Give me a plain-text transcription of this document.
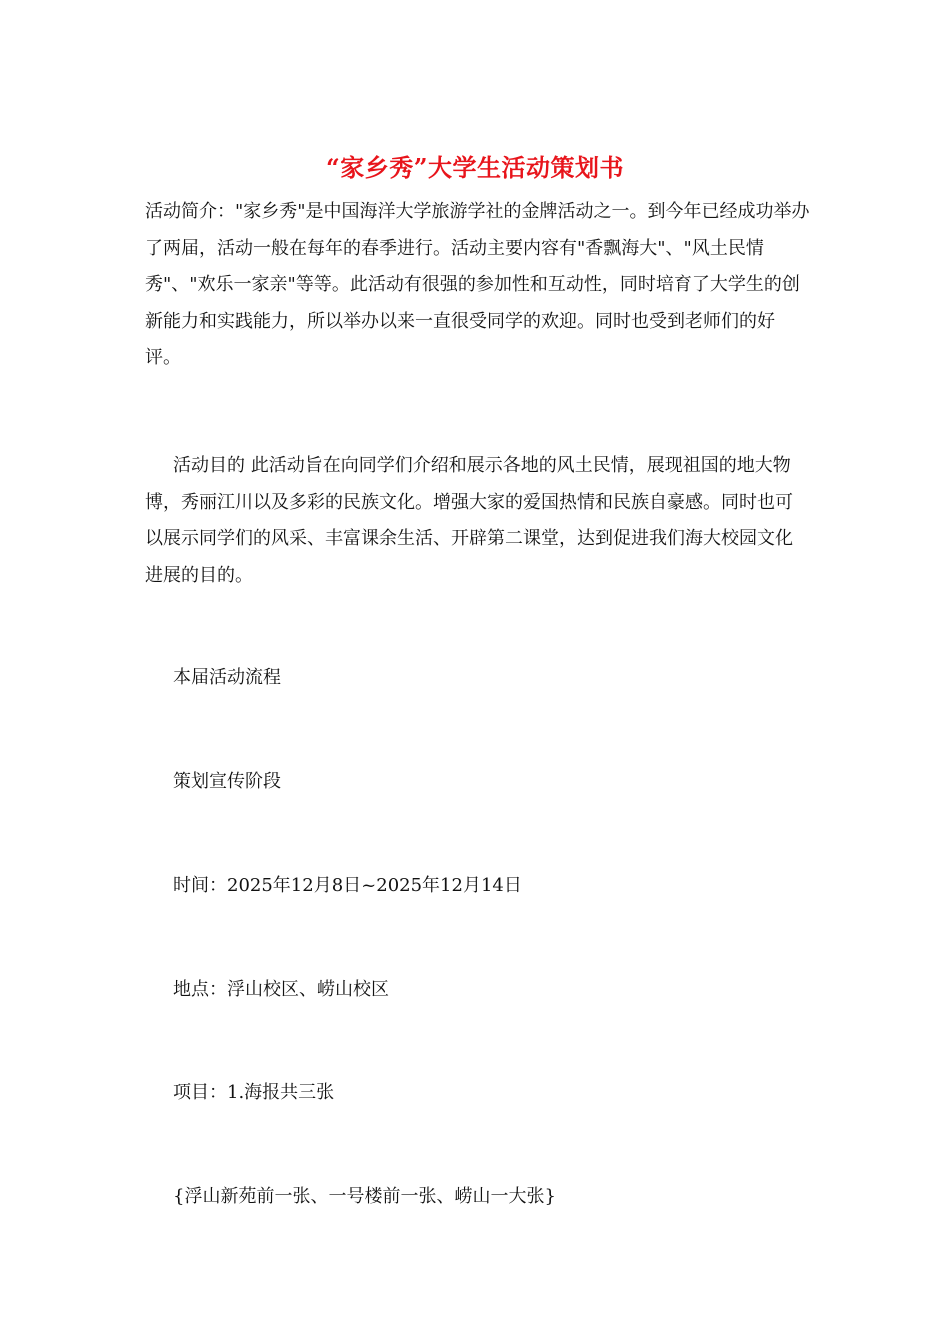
“家乡秀”大学生活动策划书

活动简介："家乡秀"是中国海洋大学旅游学社的金牌活动之一。到今年已经成功举办了两届，活动一般在每年的春季进行。活动主要内容有"香飘海大"、"风土民情秀"、"欢乐一家亲"等等。此活动有很强的参加性和互动性，同时培育了大学生的创新能力和实践能力，所以举办以来一直很受同学的欢迎。同时也受到老师们的好评。

活动目的 此活动旨在向同学们介绍和展示各地的风土民情，展现祖国的地大物博，秀丽江川以及多彩的民族文化。增强大家的爱国热情和民族自豪感。同时也可以展示同学们的风采、丰富课余生活、开辟第二课堂，达到促进我们海大校园文化进展的目的。

本届活动流程
策划宣传阶段
时间：2025年12月8日~2025年12月14日
地点：浮山校区、崂山校区
项目：1.海报共三张
{浮山新苑前一张、一号楼前一张、崂山一大张}
